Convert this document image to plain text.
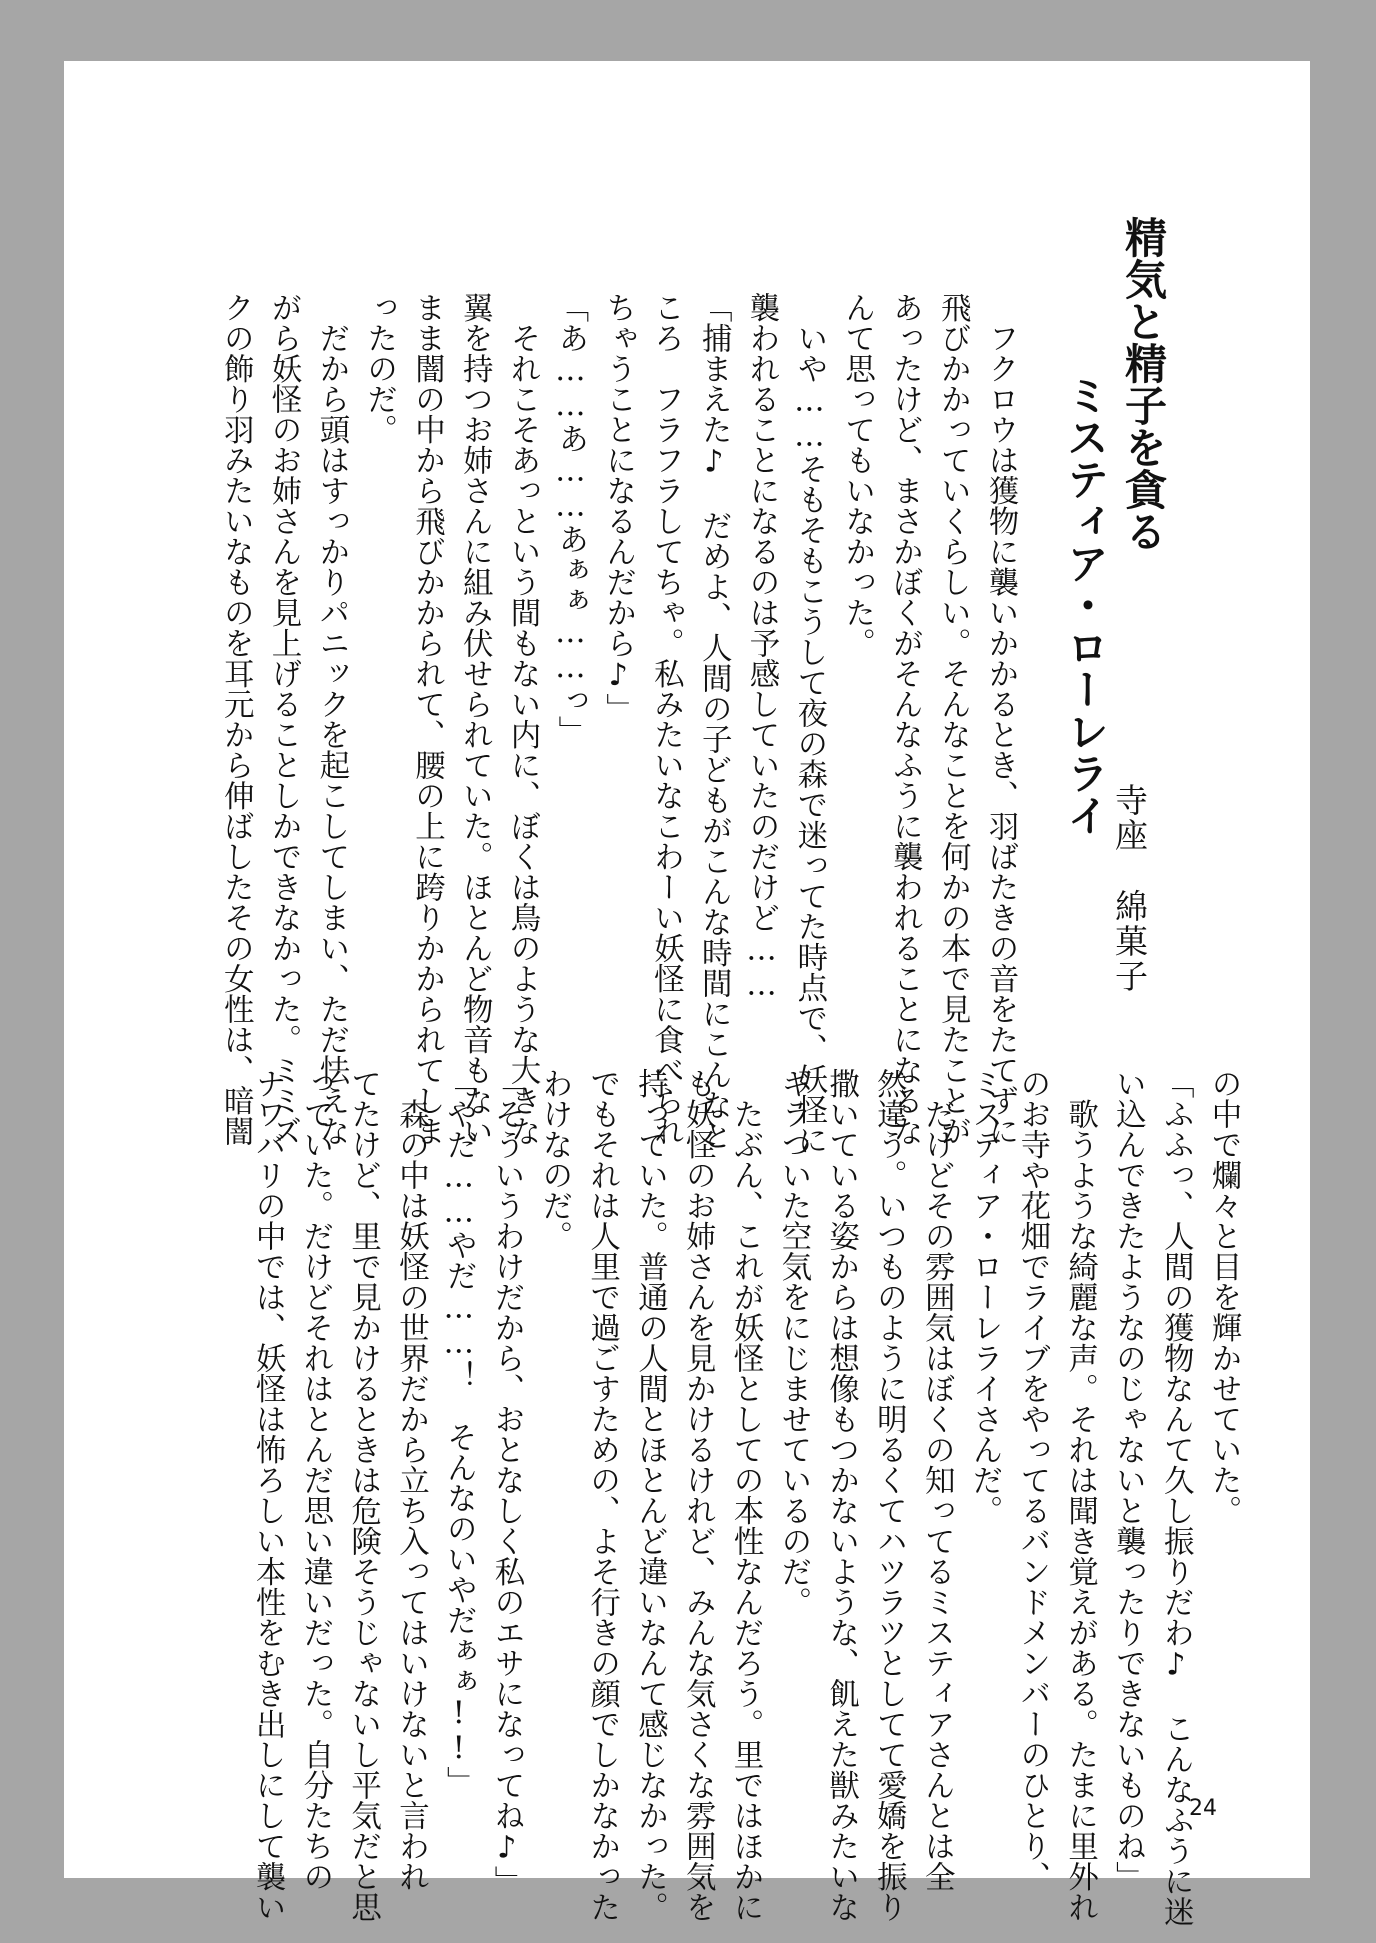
精気と精子を貪る
ミスティア・ローレライ 寺座綿菓子
　フクロウは獲物に襲いかかるとき、羽ばたきの音をたてずに
飛びかかっていくらしい。そんなことを何かの本で見たことが
あったけど、まさかぼくがそんなふうに襲われることになるな
んて思ってもいなかった。
　いや……そもそもこうして夜の森で迷ってた時点で、妖怪に
襲われることになるのは予感していたのだけど……
「捕まえた♪　だめよ、人間の子どもがこんな時間にこんなと
ころ　フラフラしてちゃ。私みたいなこわーい妖怪に食べられ
ちゃうことになるんだから♪」
「あ……あ……あぁぁ……っ」
　それこそあっという間もない内に、ぼくは鳥のような大きな
翼を持つお姉さんに組み伏せられていた。ほとんど物音もない
まま闇の中から飛びかかられて、腰の上に跨りかかられてしま
ったのだ。
　だから頭はすっかりパニックを起こしてしまい、ただ怯えな
がら妖怪のお姉さんを見上げることしかできなかった。ミミズ
クの飾り羽みたいなものを耳元から伸ばしたその女性は、暗闇
の中で爛々と目を輝かせていた。
「ふふっ、人間の獲物なんて久し振りだわ♪　こんなふうに迷
い込んできたようなのじゃないと襲ったりできないものね」
　歌うような綺麗な声。それは聞き覚えがある。たまに里外れ
のお寺や花畑でライブをやってるバンドメンバーのひとり、
ミスティア・ローレライさんだ。
　だけどその雰囲気はぼくの知ってるミスティアさんとは全
然違う。いつものように明るくてハツラツとしてて愛嬌を振り
撒いている姿からは想像もつかないような、飢えた獣みたいな
ギラついた空気をにじませているのだ。
　たぶん、これが妖怪としての本性なんだろう。里ではほかに
も妖怪のお姉さんを見かけるけれど、みんな気さくな雰囲気を
持っていた。普通の人間とほとんど違いなんて感じなかった。
でもそれは人里で過ごすための、よそ行きの顔でしかなかった
わけなのだ。
「そういうわけだから、おとなしく私のエサになってね♪」
「やだ……やだ……！　そんなのいやだぁぁ!!」
　森の中は妖怪の世界だから立ち入ってはいけないと言われ
てたけど、里で見かけるときは危険そうじゃないし平気だと思
っていた。だけどそれはとんだ思い違いだった。自分たちの
ナワバリの中では、妖怪は怖ろしい本性をむき出しにして襲い	24
